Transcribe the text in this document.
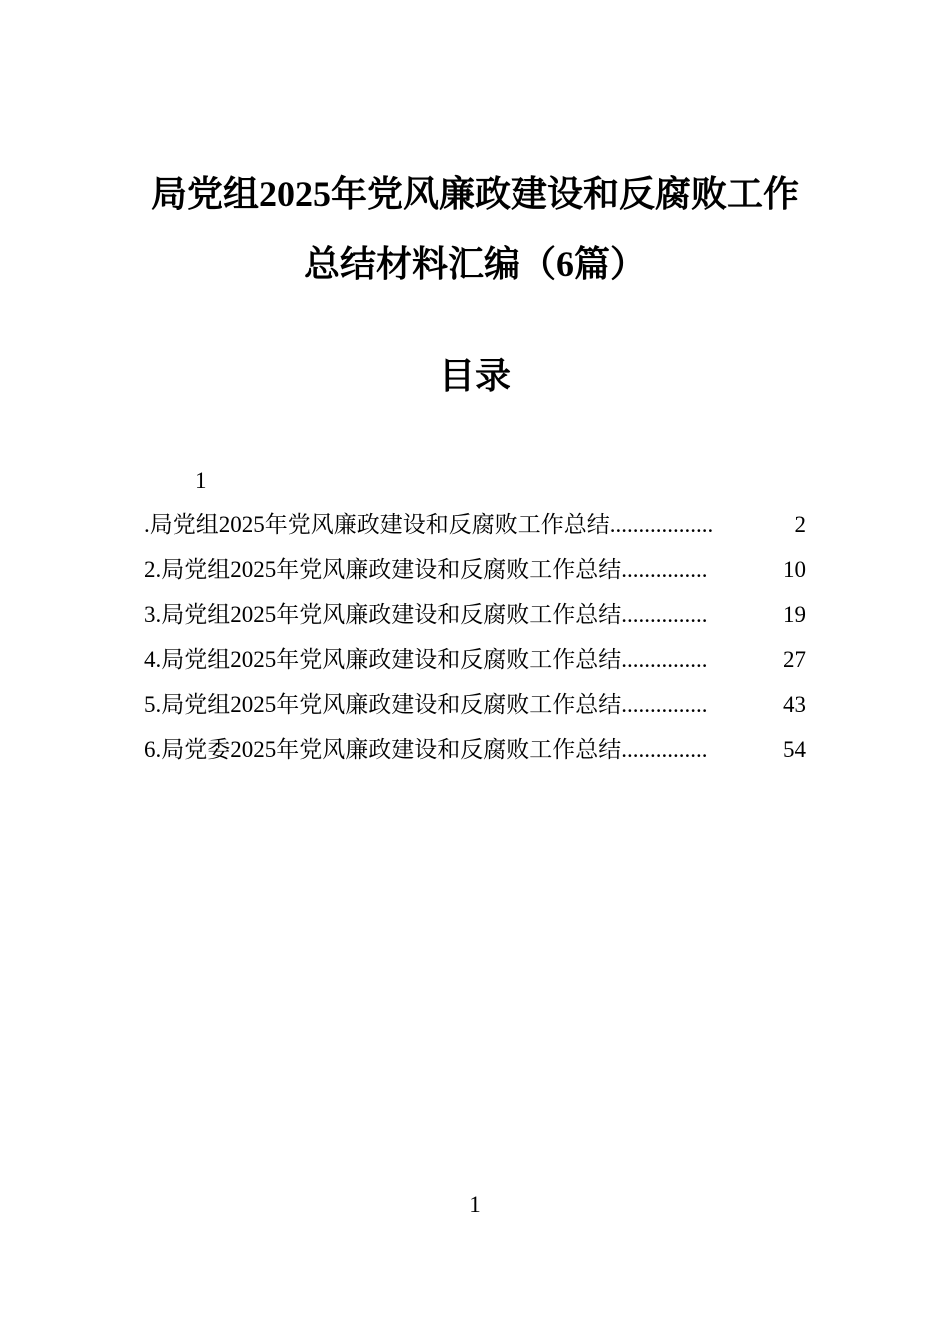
局党组2025年党风廉政建设和反腐败工作
总结材料汇编（6篇）
目录
1
.局党组2025年党风廉政建设和反腐败工作总结 ..................	2
2.局党组2025年党风廉政建设和反腐败工作总结 ...............	10
3.局党组2025年党风廉政建设和反腐败工作总结 ...............	19
4.局党组2025年党风廉政建设和反腐败工作总结 ...............	27
5.局党组2025年党风廉政建设和反腐败工作总结 ...............	43
6.局党委2025年党风廉政建设和反腐败工作总结 ...............	54
1
